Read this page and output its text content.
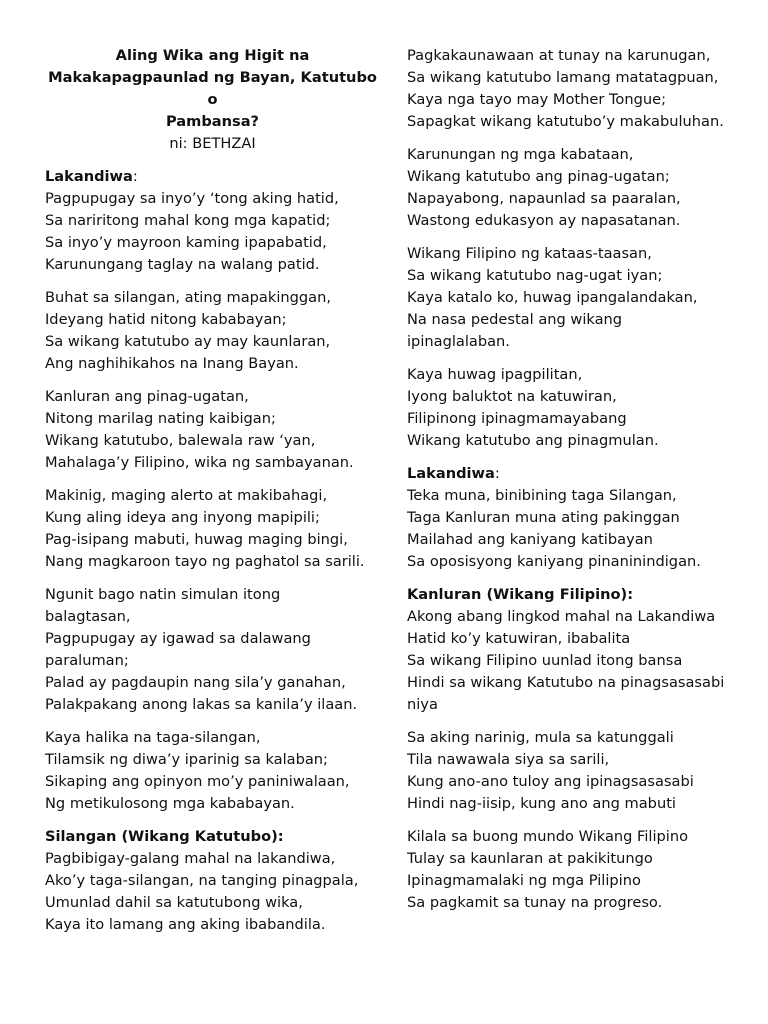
Aling Wika ang Higit na
Makakapagpaunlad ng Bayan, Katutubo o
Pambansa?
ni: BETHZAI
Lakandiwa:
Pagpupugay sa inyo’y ‘tong aking hatid,
Sa nariritong mahal kong mga kapatid;
Sa inyo’y mayroon kaming ipapabatid,
Karunungang taglay na walang patid.
Buhat sa silangan, ating mapakinggan,
Ideyang hatid nitong kababayan;
Sa wikang katutubo ay may kaunlaran,
Ang naghihikahos na Inang Bayan.
Kanluran ang pinag-ugatan,
Nitong marilag nating kaibigan;
Wikang katutubo, balewala raw ‘yan,
Mahalaga’y Filipino, wika ng sambayanan.
Makinig, maging alerto at makibahagi,
Kung aling ideya ang inyong mapipili;
Pag-isipang mabuti, huwag maging bingi,
Nang magkaroon tayo ng paghatol sa sarili.
Ngunit bago natin simulan itong
balagtasan,
Pagpupugay ay igawad sa dalawang
paraluman;
Palad ay pagdaupin nang sila’y ganahan,
Palakpakang anong lakas sa kanila’y ilaan.
Kaya halika na taga-silangan,
Tilamsik ng diwa’y iparinig sa kalaban;
Sikaping ang opinyon mo’y paniniwalaan,
Ng metikulosong mga kababayan.
Silangan (Wikang Katutubo):
Pagbibigay-galang mahal na lakandiwa,
Ako’y taga-silangan, na tanging pinagpala,
Umunlad dahil sa katutubong wika,
Kaya ito lamang ang aking ibabandila.
Pagkakaunawaan at tunay na karunugan,
Sa wikang katutubo lamang matatagpuan,
Kaya nga tayo may Mother Tongue;
Sapagkat wikang katutubo’y makabuluhan.
Karunungan ng mga kabataan,
Wikang katutubo ang pinag-ugatan;
Napayabong, napaunlad sa paaralan,
Wastong edukasyon ay napasatanan.
Wikang Filipino ng kataas-taasan,
Sa wikang katutubo nag-ugat iyan;
Kaya katalo ko, huwag ipangalandakan,
Na nasa pedestal ang wikang
ipinaglalaban.
Kaya huwag ipagpilitan,
Iyong baluktot na katuwiran,
Filipinong ipinagmamayabang
Wikang katutubo ang pinagmulan.
Lakandiwa:
Teka muna, binibining taga Silangan,
Taga Kanluran muna ating pakinggan
Mailahad ang kaniyang katibayan
Sa oposisyong kaniyang pinaninindigan.
Kanluran (Wikang Filipino):
Akong abang lingkod mahal na Lakandiwa
Hatid ko’y katuwiran, ibabalita
Sa wikang Filipino uunlad itong bansa
Hindi sa wikang Katutubo na pinagsasasabi
niya
Sa aking narinig, mula sa katunggali
Tila nawawala siya sa sarili,
Kung ano-ano tuloy ang ipinagsasasabi
Hindi nag-iisip, kung ano ang mabuti
Kilala sa buong mundo Wikang Filipino
Tulay sa kaunlaran at pakikitungo
Ipinagmamalaki ng mga Pilipino
Sa pagkamit sa tunay na progreso.
